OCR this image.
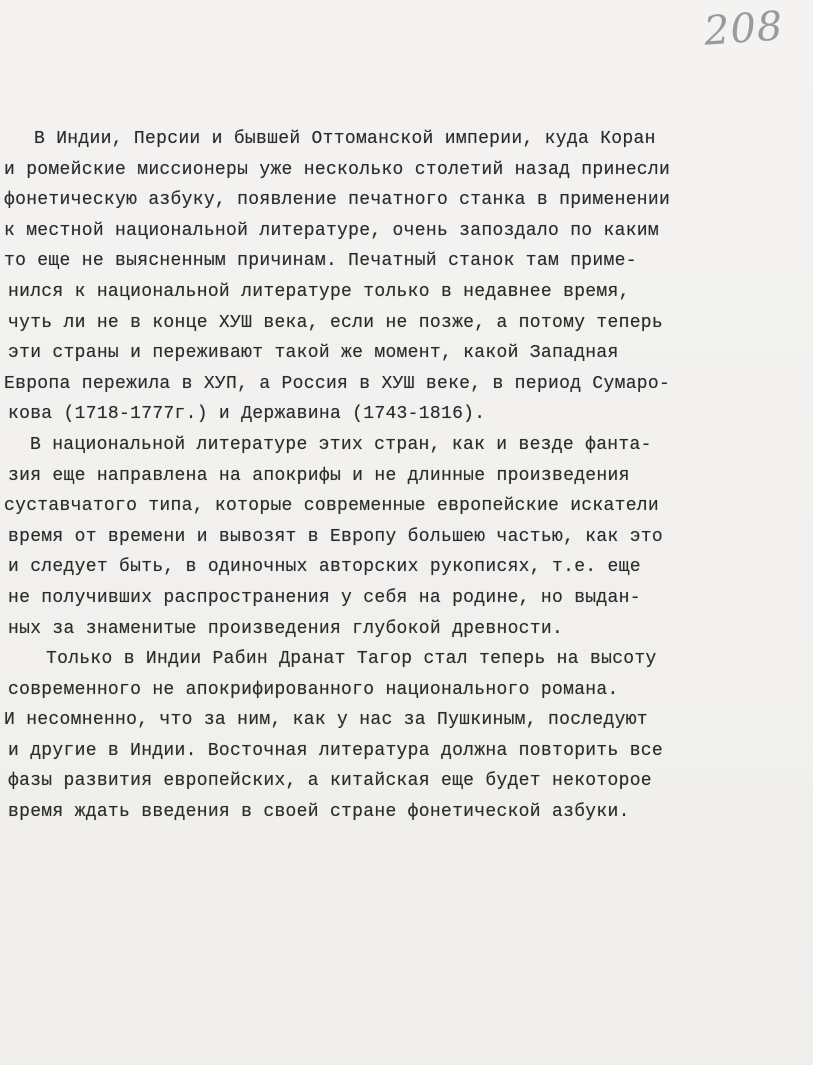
208
В Индии, Персии и бывшей Оттоманской империи, куда Коран
и ромейские миссионеры уже несколько столетий назад принесли
фонетическую азбуку, появление печатного станка в применении
к местной национальной литературе, очень запоздало по каким
то еще не выясненным причинам. Печатный станок там приме-
нился к национальной литературе только в недавнее время,
чуть ли не в конце ХУШ века, если не позже, а потому теперь
эти страны и переживают такой же момент, какой Западная
Европа пережила в ХУП, а Россия в ХУШ веке, в период Сумаро-
кова (1718-1777г.) и Державина (1743-1816).
В национальной литературе этих стран, как и везде фанта-
зия еще направлена на апокрифы и не длинные произведения
суставчатого типа, которые современные европейские искатели
время от времени и вывозят в Европу большею частью, как это
и следует быть, в одиночных авторских рукописях, т.е. еще
не получивших распространения у себя на родине, но выдан-
ных за знаменитые произведения глубокой древности.
Только в Индии Рабин Дранат Тагор стал теперь на высоту
современного не апокрифированного национального романа.
И несомненно, что за ним, как у нас за Пушкиным, последуют
и другие в Индии. Восточная литература должна повторить все
фазы развития европейских, а китайская еще будет некоторое
время ждать введения в своей стране фонетической азбуки.
